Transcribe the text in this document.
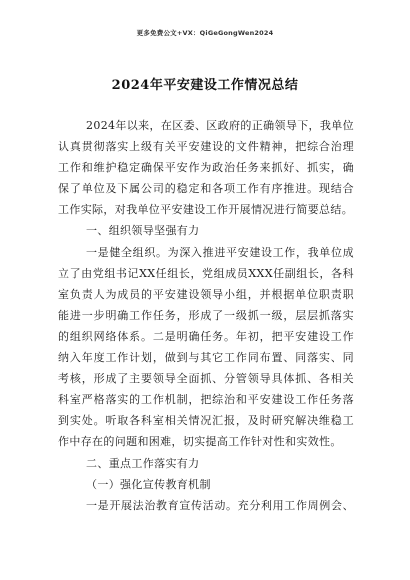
更多免费公文+VX：QiGeGongWen2024
2024年平安建设工作情况总结
2024年以来，在区委、区政府的正确领导下，我单位
认真贯彻落实上级有关平安建设的文件精神，把综合治理
工作和维护稳定确保平安作为政治任务来抓好、抓实，确
保了单位及下属公司的稳定和各项工作有序推进。现结合
工作实际，对我单位平安建设工作开展情况进行简要总结。
一、组织领导坚强有力
一是健全组织。为深入推进平安建设工作，我单位成
立了由党组书记XX任组长，党组成员XXX任副组长，各科
室负责人为成员的平安建设领导小组，并根据单位职责职
能进一步明确工作任务，形成了一级抓一级，层层抓落实
的组织网络体系。二是明确任务。年初，把平安建设工作
纳入年度工作计划，做到与其它工作同布置、同落实、同
考核，形成了主要领导全面抓、分管领导具体抓、各相关
科室严格落实的工作机制，把综治和平安建设工作任务落
到实处。听取各科室相关情况汇报，及时研究解决维稳工
作中存在的问题和困难，切实提高工作针对性和实效性。
二、重点工作落实有力
（一）强化宣传教育机制
一是开展法治教育宣传活动。充分利用工作周例会、
